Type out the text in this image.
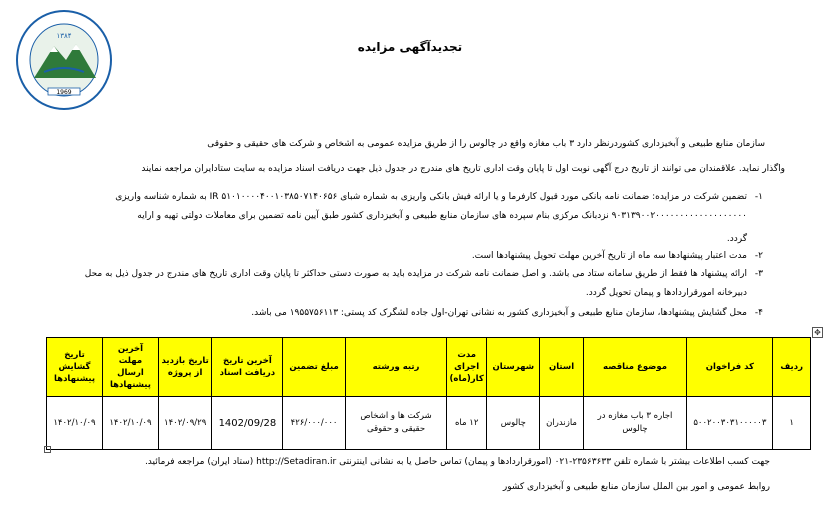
1969
۱۳۸۴
تجدیدآگهی مزایده
سازمان منابع طبیعی و آبخیزداری کشوردرنظر دارد ۳ باب مغازه واقع در چالوس را از طریق مزایده عمومی به اشخاص و شرکت های حقیقی و حقوقی
واگذار نماید. علاقمندان می توانند از تاریخ درج آگهی نوبت اول تا پایان وقت اداری تاریخ های مندرج در جدول ذیل جهت دریافت اسناد مزایده به سایت ستادایران مراجعه نمایند
۱-
تضمین شرکت در مزایده: ضمانت نامه بانکی مورد قبول کارفرما و یا ارائه فیش بانکی واریزی به شماره شبای IR ۵۱۰۱۰۰۰۰۴۰۰۱۰۳۸۵۰۷۱۴۰۶۵۶ به شماره شناسه واریزی
۹۰۳۱۳۹۰۰۲۰۰۰۰۰۰۰۰۰۰۰۰۰۰۰۰۰۰۰ نزدبانک مرکزی بنام سپرده های سازمان منابع طبیعی و آبخیزداری کشور طبق آیین نامه تضمین برای معاملات دولتی تهیه و ارایه
گردد.
۲-
مدت اعتبار پیشنهادها سه ماه از تاریخ آخرین مهلت تحویل پیشنهادها است.
۳-
ارائه پیشنهاد ها فقط از طریق سامانه ستاد می باشد. و اصل ضمانت نامه شرکت در مزایده باید به صورت دستی حداکثر تا پایان وقت اداری تاریخ های مندرج در جدول ذیل به محل
دبیرخانه امورقراردادها و پیمان تحویل گردد.
۴-
محل گشایش پیشنهادها، سازمان منابع طبیعی و آبخیزداری کشور به نشانی تهران-اول جاده لشگرک کد پستی: ۱۹۵۵۷۵۶۱۱۳ می باشد.
✥
ردیف	کد فراخوان	موضوع مناقصه	استان	شهرستان	مدت اجرای کار(ماه)	رتبه ورشته	مبلغ تضمین	آخرین تاریخ دریافت اسناد	تاریخ بازدید از پروژه	آخرین مهلت ارسال پیشنهادها	تاریخ گشایش پیشنهادها
۱	۵۰۰۲۰۰۳۰۳۱۰۰۰۰۰۳	اجاره ۳ باب مغازه در چالوس	مازندران	چالوس	۱۲ ماه	شرکت ها و اشخاص حقیقی و حقوقی	۴۲۶/۰۰۰/۰۰۰	1402/09/28	۱۴۰۲/۰۹/۲۹	۱۴۰۲/۱۰/۰۹	۱۴۰۲/۱۰/۰۹
جهت کسب اطلاعات بیشتر با شماره تلفن ۲۳۵۶۳۶۳۳-۰۲۱ (امورقراردادها و پیمان) تماس حاصل یا به نشانی اینترنتی http://Setadiran.ir (ستاد ایران) مراجعه فرمائید.
روابط عمومی و امور بین الملل سازمان منابع طبیعی و آبخیزداری کشور
